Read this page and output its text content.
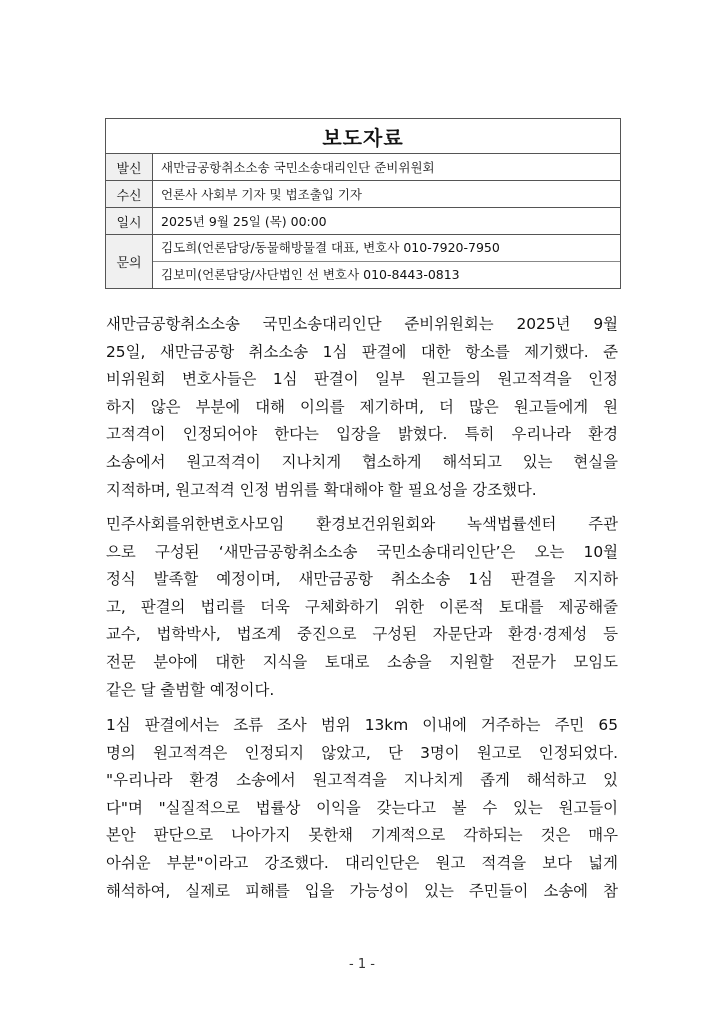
보도자료	
발신	새만금공항취소소송 국민소송대리인단 준비위원회
수신	언론사 사회부 기자 및 법조출입 기자
일시	2025년 9월 25일 (목) 00:00
문의	김도희(언론담당/동물해방물결 대표, 변호사 010-7920-7950
김보미(언론담당/사단법인 선 변호사 010-8443-0813

새만금공항취소소송 국민소송대리인단 준비위원회는 2025년 9월
25일, 새만금공항 취소소송 1심 판결에 대한 항소를 제기했다. 준
비위원회 변호사들은 1심 판결이 일부 원고들의 원고적격을 인정
하지 않은 부분에 대해 이의를 제기하며, 더 많은 원고들에게 원
고적격이 인정되어야 한다는 입장을 밝혔다. 특히 우리나라 환경
소송에서 원고적격이 지나치게 협소하게 해석되고 있는 현실을
지적하며, 원고적격 인정 범위를 확대해야 할 필요성을 강조했다.

민주사회를위한변호사모임 환경보건위원회와 녹색법률센터 주관
으로 구성된 ‘새만금공항취소소송 국민소송대리인단’은 오는 10월
정식 발족할 예정이며, 새만금공항 취소소송 1심 판결을 지지하
고, 판결의 법리를 더욱 구체화하기 위한 이론적 토대를 제공해줄
교수, 법학박사, 법조계 중진으로 구성된 자문단과 환경·경제성 등
전문 분야에 대한 지식을 토대로 소송을 지원할 전문가 모임도
같은 달 출범할 예정이다.

1심 판결에서는 조류 조사 범위 13km 이내에 거주하는 주민 65
명의 원고적격은 인정되지 않았고, 단 3명이 원고로 인정되었다.
"우리나라 환경 소송에서 원고적격을 지나치게 좁게 해석하고 있
다"며 "실질적으로 법률상 이익을 갖는다고 볼 수 있는 원고들이
본안 판단으로 나아가지 못한채 기계적으로 각하되는 것은 매우
아쉬운 부분"이라고 강조했다. 대리인단은 원고 적격을 보다 넓게
해석하여, 실제로 피해를 입을 가능성이 있는 주민들이 소송에 참

- 1 -
